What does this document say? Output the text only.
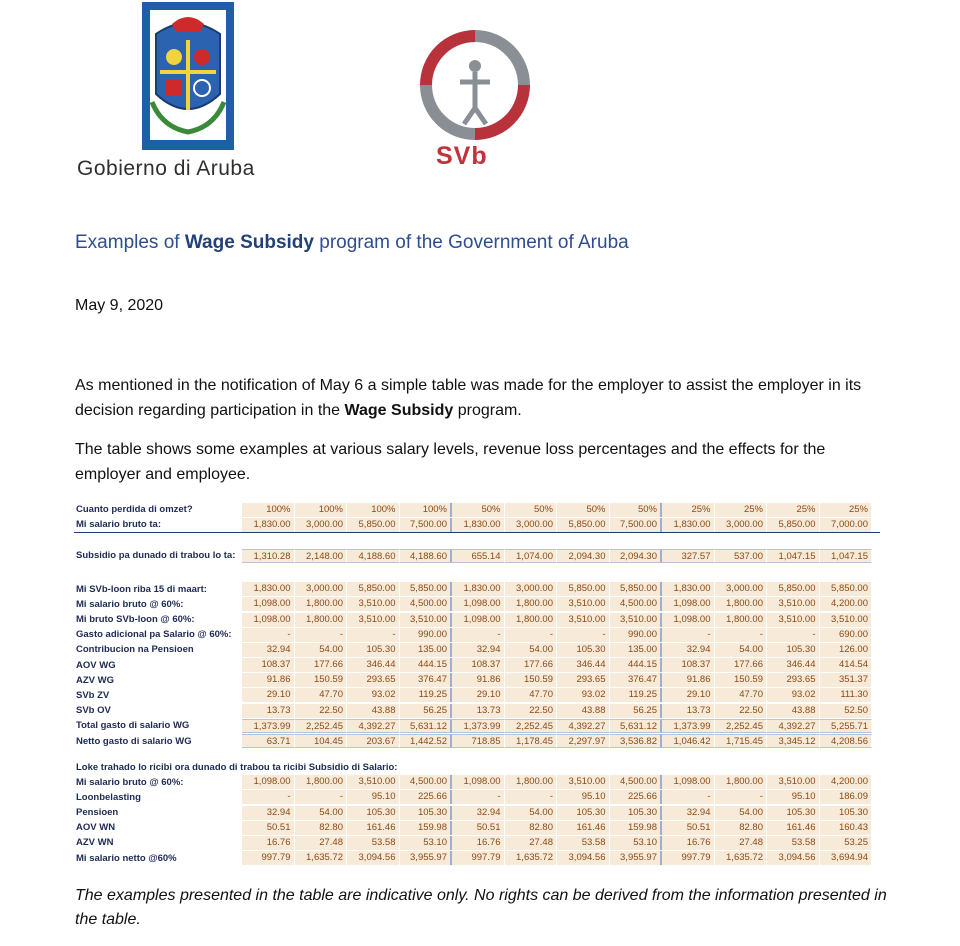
Gobierno di Aruba	SVb
Examples of Wage Subsidy program of the Government of Aruba
May 9, 2020
As mentioned in the notification of May 6 a simple table was made for the employer to assist the employer in its decision regarding participation in the Wage Subsidy program.
The table shows some examples at various salary levels, revenue loss percentages and the effects for the employer and employee.
Cuanto perdida di omzet?	100%	100%	100%	100%	50%	50%	50%	50%	25%	25%	25%	25%
Mi salario bruto ta:	1,830.00	3,000.00	5,850.00	7,500.00	1,830.00	3,000.00	5,850.00	7,500.00	1,830.00	3,000.00	5,850.00	7,000.00
Subsidio pa dunado di trabou lo ta:	1,310.28	2,148.00	4,188.60	4,188.60	655.14	1,074.00	2,094.30	2,094.30	327.57	537.00	1,047.15	1,047.15
Mi SVb-loon riba 15 di maart:	1,830.00	3,000.00	5,850.00	5,850.00	1,830.00	3,000.00	5,850.00	5,850.00	1,830.00	3,000.00	5,850.00	5,850.00
Mi salario bruto @ 60%:	1,098.00	1,800.00	3,510.00	4,500.00	1,098.00	1,800.00	3,510.00	4,500.00	1,098.00	1,800.00	3,510.00	4,200.00
Mi bruto SVb-loon @ 60%:	1,098.00	1,800.00	3,510.00	3,510.00	1,098.00	1,800.00	3,510.00	3,510.00	1,098.00	1,800.00	3,510.00	3,510.00
Gasto adicional pa Salario @ 60%:	-	-	-	990.00	-	-	-	990.00	-	-	-	690.00
Contribucion na Pensioen	32.94	54.00	105.30	135.00	32.94	54.00	105.30	135.00	32.94	54.00	105.30	126.00
AOV WG	108.37	177.66	346.44	444.15	108.37	177.66	346.44	444.15	108.37	177.66	346.44	414.54
AZV WG	91.86	150.59	293.65	376.47	91.86	150.59	293.65	376.47	91.86	150.59	293.65	351.37
SVb ZV	29.10	47.70	93.02	119.25	29.10	47.70	93.02	119.25	29.10	47.70	93.02	111.30
SVb OV	13.73	22.50	43.88	56.25	13.73	22.50	43.88	56.25	13.73	22.50	43.88	52.50
Total gasto di salario WG	1,373.99	2,252.45	4,392.27	5,631.12	1,373.99	2,252.45	4,392.27	5,631.12	1,373.99	2,252.45	4,392.27	5,255.71
Netto gasto di salario WG	63.71	104.45	203.67	1,442.52	718.85	1,178.45	2,297.97	3,536.82	1,046.42	1,715.45	3,345.12	4,208.56
Loke trahado lo ricibi ora dunado di trabou ta ricibi Subsidio di Salario:
Mi salario bruto @ 60%:	1,098.00	1,800.00	3,510.00	4,500.00	1,098.00	1,800.00	3,510.00	4,500.00	1,098.00	1,800.00	3,510.00	4,200.00
Loonbelasting	-	-	95.10	225.66	-	-	95.10	225.66	-	-	95.10	186.09
Pensioen	32.94	54.00	105.30	105.30	32.94	54.00	105.30	105.30	32.94	54.00	105.30	105.30
AOV WN	50.51	82.80	161.46	159.98	50.51	82.80	161.46	159.98	50.51	82.80	161.46	160.43
AZV WN	16.76	27.48	53.58	53.10	16.76	27.48	53.58	53.10	16.76	27.48	53.58	53.25
Mi salario netto @60%	997.79	1,635.72	3,094.56	3,955.97	997.79	1,635.72	3,094.56	3,955.97	997.79	1,635.72	3,094.56	3,694.94
The examples presented in the table are indicative only. No rights can be derived from the information presented in the table.
